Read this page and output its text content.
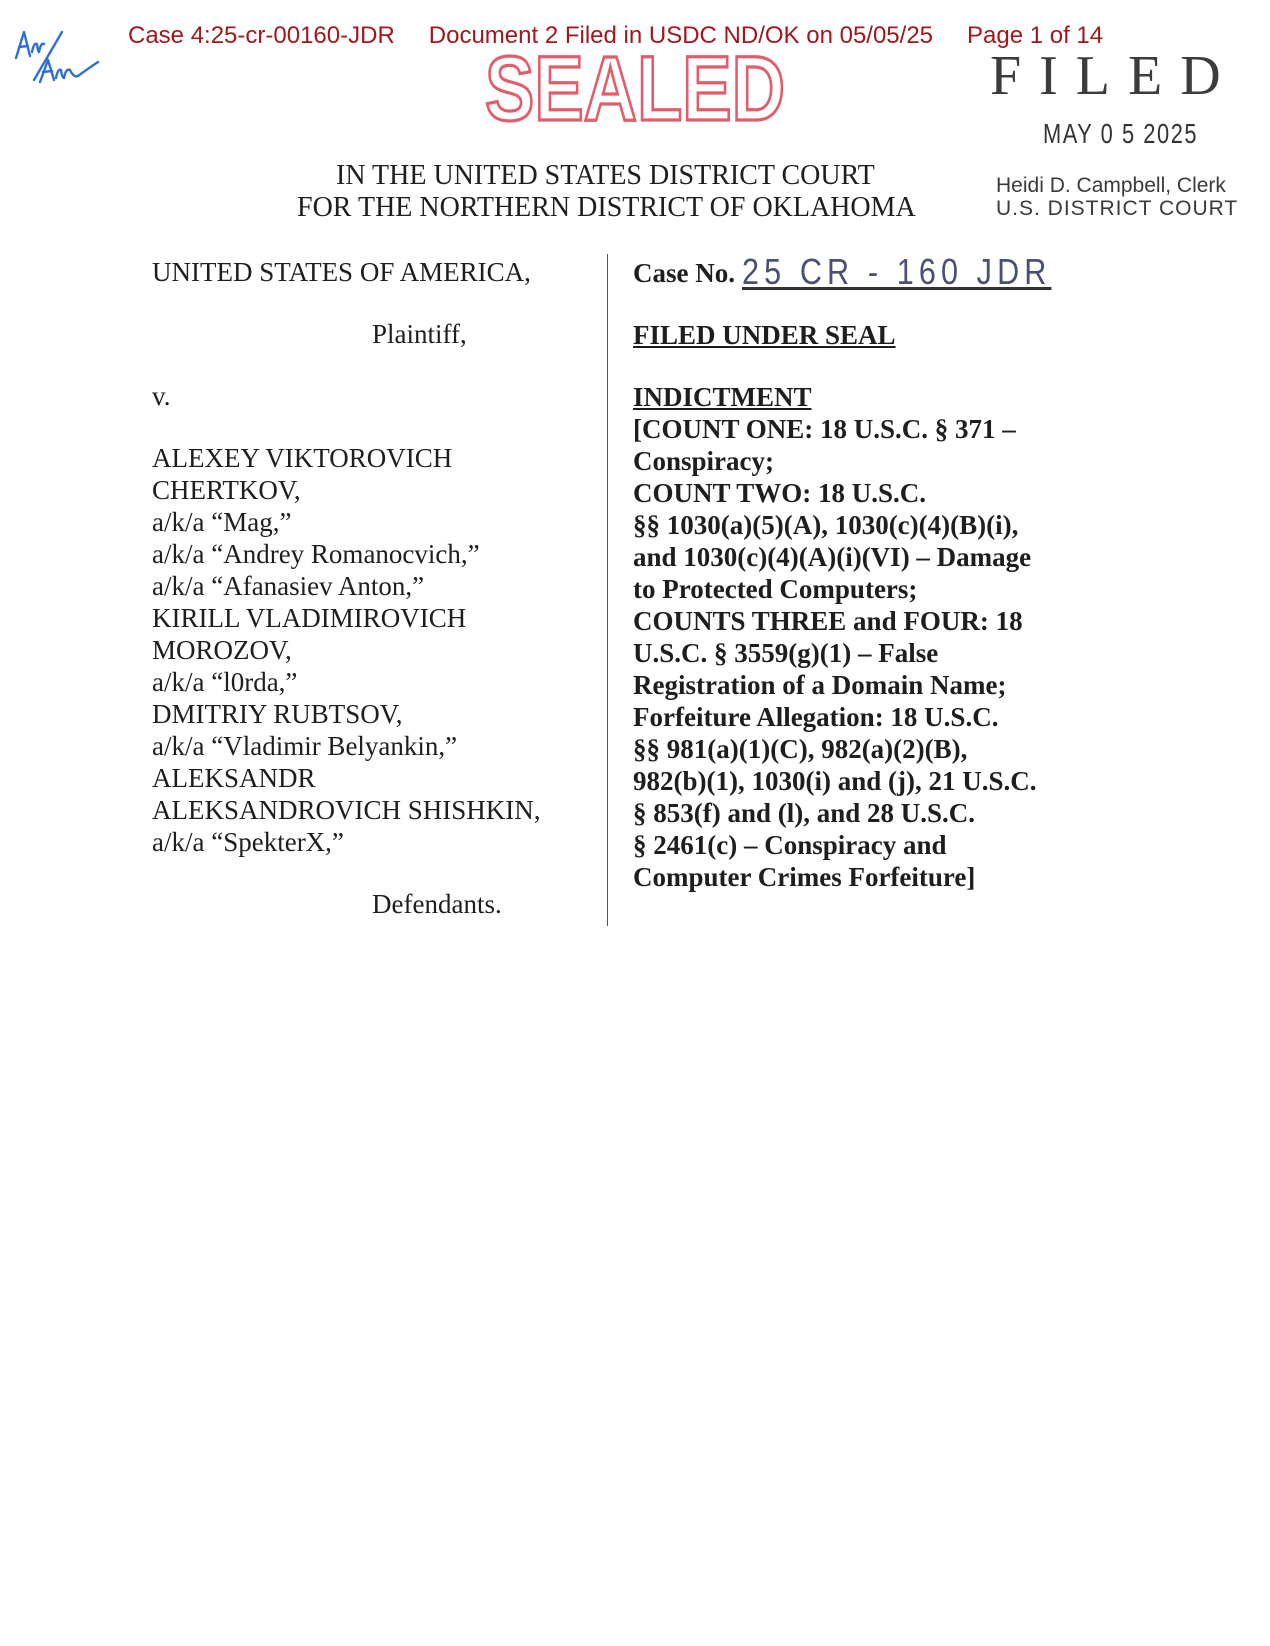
Case 4:25-cr-00160-JDR Document 2 Filed in USDC ND/OK on 05/05/25 Page 1 of 14
SEALED	FILED
MAY 0 5 2025
Heidi D. Campbell, Clerk
U.S. DISTRICT COURT
IN THE UNITED STATES DISTRICT COURT
FOR THE NORTHERN DISTRICT OF OKLAHOMA
UNITED STATES OF AMERICA,
Plaintiff,
v.
ALEXEY VIKTOROVICH
CHERTKOV,
a/k/a “Mag,”
a/k/a “Andrey Romanocvich,”
a/k/a “Afanasiev Anton,”
KIRILL VLADIMIROVICH
MOROZOV,
a/k/a “l0rda,”
DMITRIY RUBTSOV,
a/k/a “Vladimir Belyankin,”
ALEKSANDR
ALEKSANDROVICH SHISHKIN,
a/k/a “SpekterX,”
Defendants.
Case No. 25 CR - 160 JDR
FILED UNDER SEAL
INDICTMENT
[COUNT ONE: 18 U.S.C. § 371 –
Conspiracy;
COUNT TWO: 18 U.S.C.
§§ 1030(a)(5)(A), 1030(c)(4)(B)(i),
and 1030(c)(4)(A)(i)(VI) – Damage
to Protected Computers;
COUNTS THREE and FOUR: 18
U.S.C. § 3559(g)(1) – False
Registration of a Domain Name;
Forfeiture Allegation: 18 U.S.C.
§§ 981(a)(1)(C), 982(a)(2)(B),
982(b)(1), 1030(i) and (j), 21 U.S.C.
§ 853(f) and (l), and 28 U.S.C.
§ 2461(c) – Conspiracy and
Computer Crimes Forfeiture]
